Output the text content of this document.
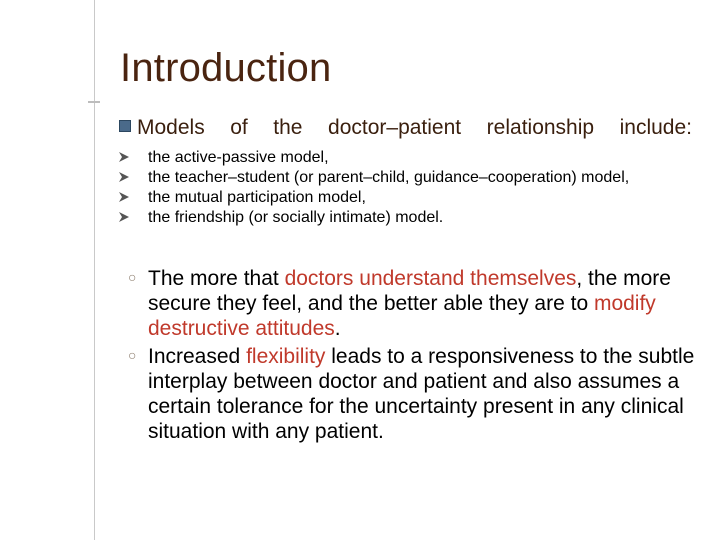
Introduction
Models of the doctor–patient relationship include:
the active-passive model,
the teacher–student (or parent–child, guidance–cooperation) model,
the mutual participation model,
the friendship (or socially intimate) model.

○ The more that doctors understand themselves, the more secure they feel, and the better able they are to modify destructive attitudes.

○ Increased flexibility leads to a responsiveness to the subtle interplay between doctor and patient and also assumes a certain tolerance for the uncertainty present in any clinical situation with any patient.
